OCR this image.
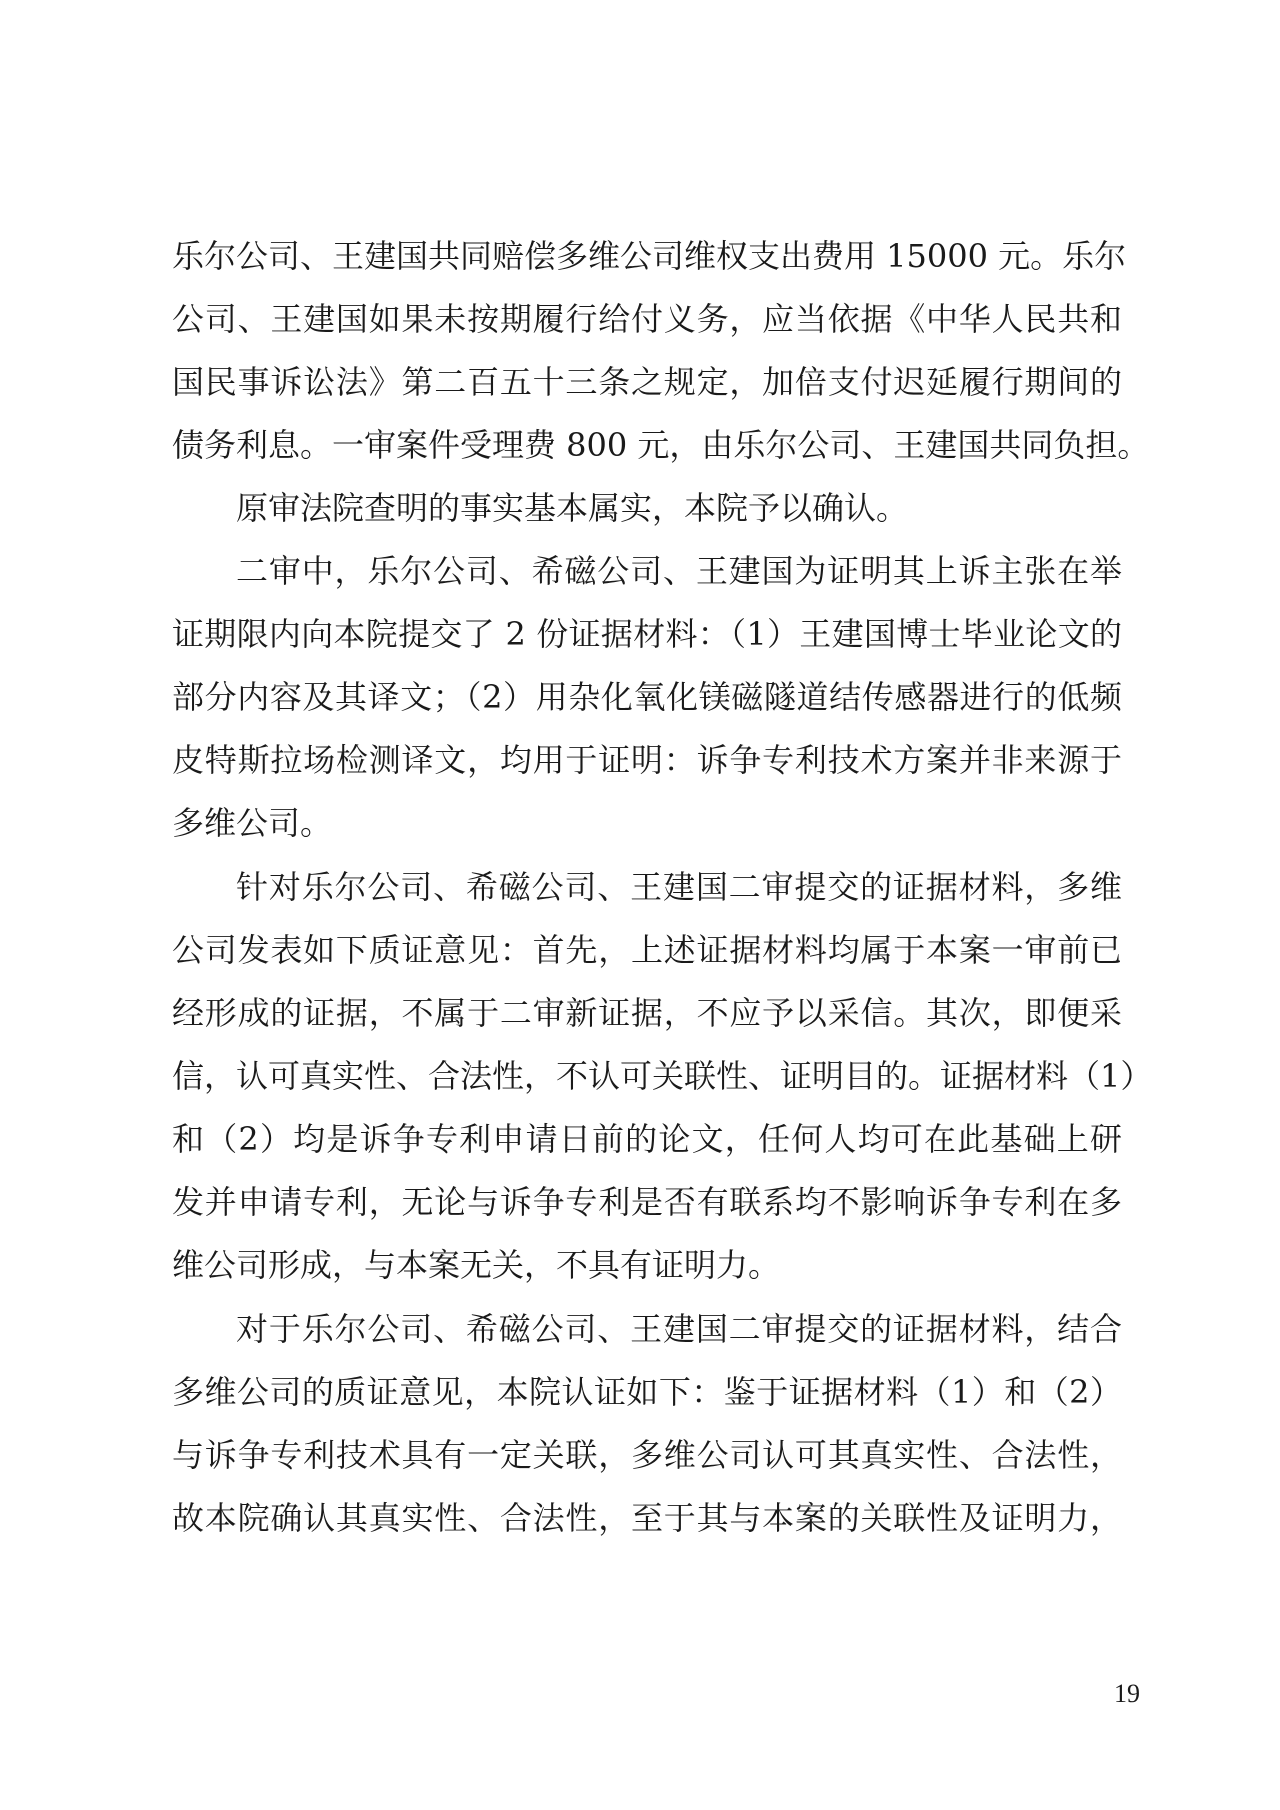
乐尔公司、王建国共同赔偿多维公司维权支出费用 15000 元。乐尔
公司、王建国如果未按期履行给付义务，应当依据《中华人民共和
国民事诉讼法》第二百五十三条之规定，加倍支付迟延履行期间的
债务利息。一审案件受理费 800 元，由乐尔公司、王建国共同负担。
原审法院查明的事实基本属实，本院予以确认。
二审中，乐尔公司、希磁公司、王建国为证明其上诉主张在举
证期限内向本院提交了 2 份证据材料：（1）王建国博士毕业论文的
部分内容及其译文；（2）用杂化氧化镁磁隧道结传感器进行的低频
皮特斯拉场检测译文，均用于证明：诉争专利技术方案并非来源于
多维公司。
针对乐尔公司、希磁公司、王建国二审提交的证据材料，多维
公司发表如下质证意见：首先，上述证据材料均属于本案一审前已
经形成的证据，不属于二审新证据，不应予以采信。其次，即便采
信，认可真实性、合法性，不认可关联性、证明目的。证据材料（1）
和（2）均是诉争专利申请日前的论文，任何人均可在此基础上研
发并申请专利，无论与诉争专利是否有联系均不影响诉争专利在多
维公司形成，与本案无关，不具有证明力。
对于乐尔公司、希磁公司、王建国二审提交的证据材料，结合
多维公司的质证意见，本院认证如下：鉴于证据材料（1）和（2）
与诉争专利技术具有一定关联，多维公司认可其真实性、合法性，
故本院确认其真实性、合法性，至于其与本案的关联性及证明力，
19
